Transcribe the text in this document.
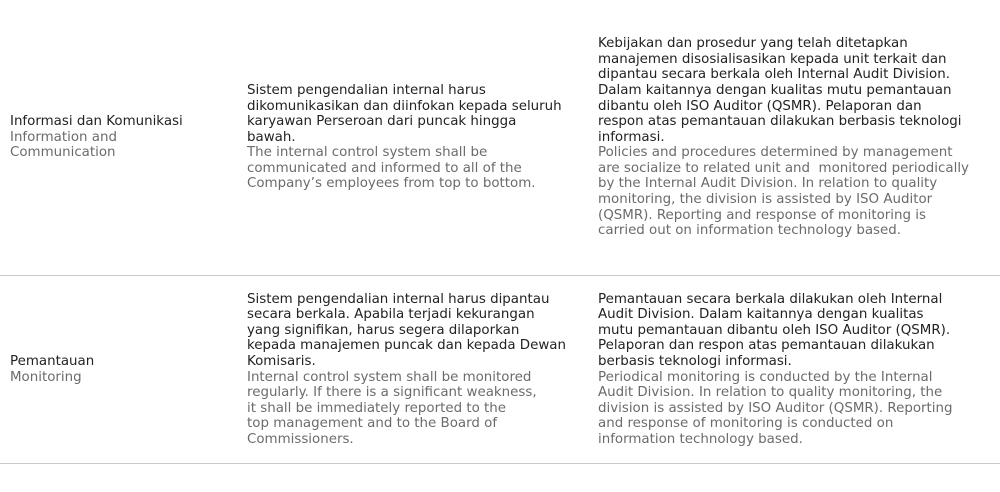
Informasi dan Komunikasi
Information and
Communication
Sistem pengendalian internal harus
dikomunikasikan dan diinfokan kepada seluruh
karyawan Perseroan dari puncak hingga
bawah.
The internal control system shall be
communicated and informed to all of the
Company’s employees from top to bottom.
Kebijakan dan prosedur yang telah ditetapkan
manajemen disosialisasikan kepada unit terkait dan
dipantau secara berkala oleh Internal Audit Division.
Dalam kaitannya dengan kualitas mutu pemantauan
dibantu oleh ISO Auditor (QSMR). Pelaporan dan
respon atas pemantauan dilakukan berbasis teknologi
informasi.
Policies and procedures determined by management
are socialize to related unit and  monitored periodically
by the Internal Audit Division. In relation to quality
monitoring, the division is assisted by ISO Auditor
(QSMR). Reporting and response of monitoring is
carried out on information technology based.
Pemantauan
Monitoring
Sistem pengendalian internal harus dipantau
secara berkala. Apabila terjadi kekurangan
yang signifikan, harus segera dilaporkan
kepada manajemen puncak dan kepada Dewan
Komisaris.
Internal control system shall be monitored
regularly. If there is a significant weakness,
it shall be immediately reported to the
top management and to the Board of
Commissioners.
Pemantauan secara berkala dilakukan oleh Internal
Audit Division. Dalam kaitannya dengan kualitas
mutu pemantauan dibantu oleh ISO Auditor (QSMR).
Pelaporan dan respon atas pemantauan dilakukan
berbasis teknologi informasi.
Periodical monitoring is conducted by the Internal
Audit Division. In relation to quality monitoring, the
division is assisted by ISO Auditor (QSMR). Reporting
and response of monitoring is conducted on
information technology based.
